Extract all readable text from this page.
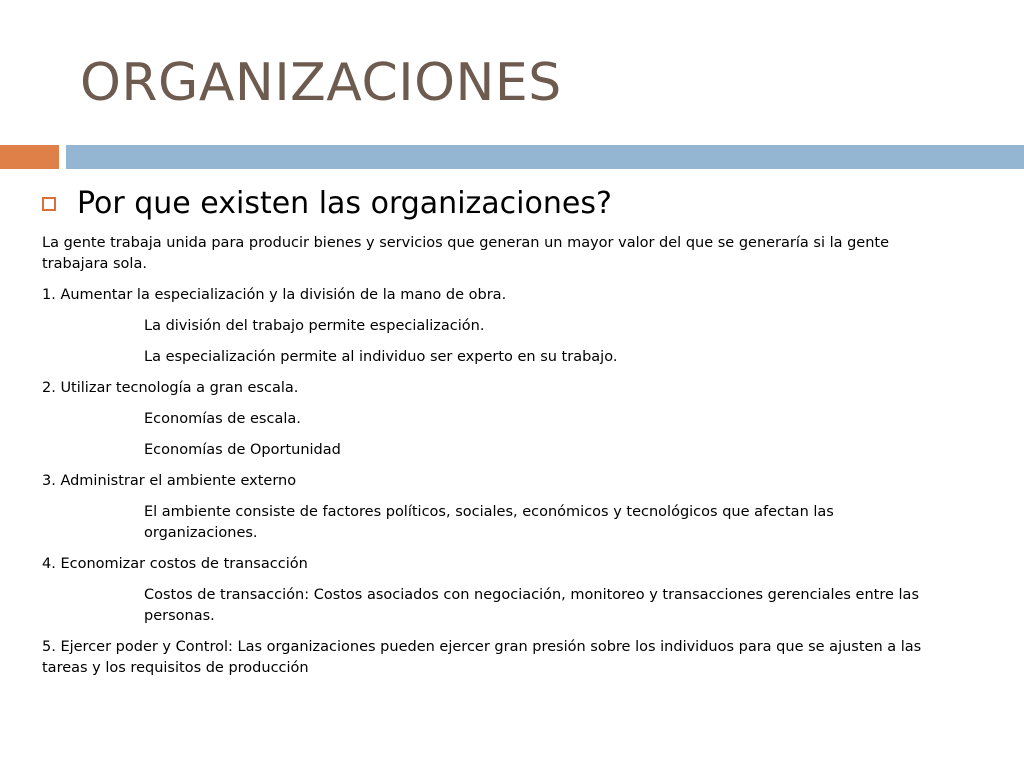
ORGANIZACIONES
Por que existen las organizaciones?

La gente trabaja unida para producir bienes y servicios que generan un mayor valor del que se generaría si la gente trabajara sola.

1. Aumentar la especialización y la división de la mano de obra.

La división del trabajo permite especialización.

La especialización permite al individuo ser experto en su trabajo.

2. Utilizar tecnología a gran escala.

Economías de escala.

Economías de Oportunidad

3. Administrar el ambiente externo

El ambiente consiste de factores políticos, sociales, económicos y tecnológicos que afectan las organizaciones.

4. Economizar costos de transacción

Costos de transacción: Costos asociados con negociación, monitoreo y transacciones gerenciales entre las personas.

5. Ejercer poder y Control: Las organizaciones pueden ejercer gran presión sobre los individuos para que se ajusten a las tareas y los requisitos de producción
